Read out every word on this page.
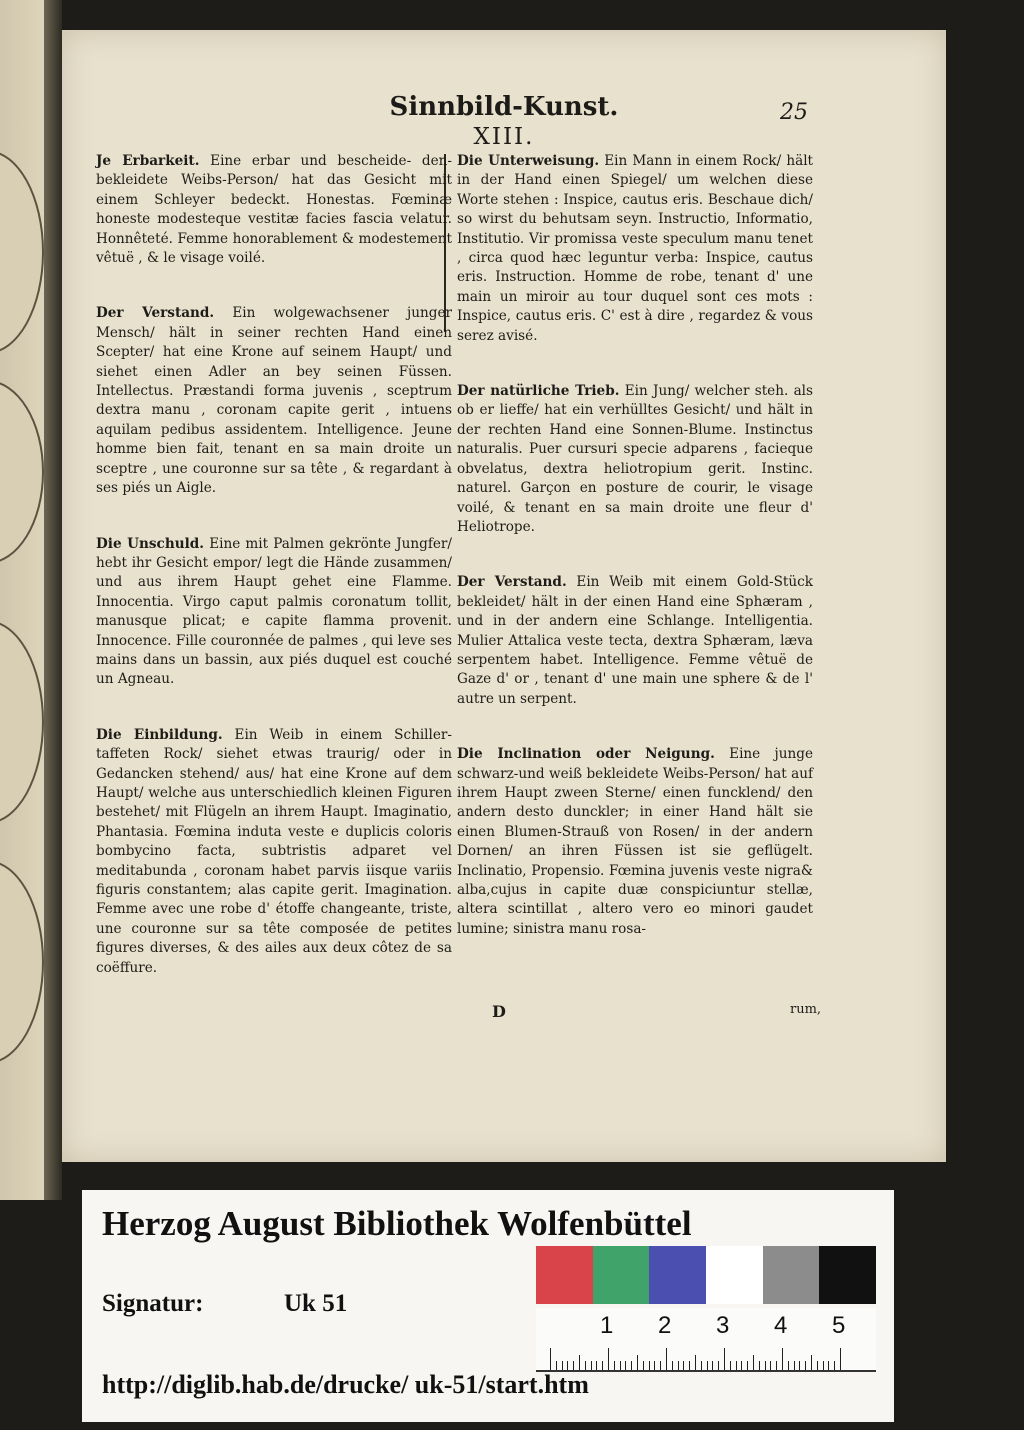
Sinnbild-Kunst.	25
XIII.

Je Erbarkeit. Eine erbar und bescheide- den-bekleidete Weibs-Person/ hat das Gesicht mit einem Schleyer bedeckt. Honestas. Fœminæ honeste modesteque vestitæ facies fascia velatur. Honnêteté. Femme honorablement & modestement vêtuë , & le visage voilé.

Der Verstand. Ein wolgewachsener junger Mensch/ hält in seiner rechten Hand einen Scepter/ hat eine Krone auf seinem Haupt/ und siehet einen Adler an bey seinen Füssen. Intellectus. Præstandi forma juvenis , sceptrum dextra manu , coronam capite gerit , intuens aquilam pedibus assidentem. Intelligence. Jeune homme bien fait, tenant en sa main droite un sceptre , une couronne sur sa tête , & regardant à ses piés un Aigle.

Die Unschuld. Eine mit Palmen gekrönte Jungfer/ hebt ihr Gesicht empor/ legt die Hände zusammen/ und aus ihrem Haupt gehet eine Flamme. Innocentia. Virgo caput palmis coronatum tollit, manusque plicat; e capite flamma provenit. Innocence. Fille couronnée de palmes , qui leve ses mains dans un bassin, aux piés duquel est couché un Agneau.

Die Einbildung. Ein Weib in einem Schiller-taffeten Rock/ siehet etwas traurig/ oder in Gedancken stehend/ aus/ hat eine Krone auf dem Haupt/ welche aus unterschiedlich kleinen Figuren bestehet/ mit Flügeln an ihrem Haupt. Imaginatio, Phantasia. Fœmina induta veste e duplicis coloris bombycino facta, subtristis adparet vel meditabunda , coronam habet parvis iisque variis figuris constantem; alas capite gerit. Imagination. Femme avec une robe d' étoffe changeante, triste, une couronne sur sa tête composée de petites figures diverses, & des ailes aux deux côtez de sa coëffure.

Die Unterweisung. Ein Mann in einem Rock/ hält in der Hand einen Spiegel/ um welchen diese Worte stehen : Inspice, cautus eris. Beschaue dich/ so wirst du behutsam seyn. Instructio, Informatio, Institutio. Vir promissa veste speculum manu tenet , circa quod hæc leguntur verba: Inspice, cautus eris. Instruction. Homme de robe, tenant d' une main un miroir au tour duquel sont ces mots : Inspice, cautus eris. C' est à dire , regardez & vous serez avisé.

Der natürliche Trieb. Ein Jung/ welcher steh. als ob er lieffe/ hat ein verhülltes Gesicht/ und hält in der rechten Hand eine Sonnen-Blume. Instinctus naturalis. Puer cursuri specie adparens , facieque obvelatus, dextra heliotropium gerit. Instinc. naturel. Garçon en posture de courir, le visage voilé, & tenant en sa main droite une fleur d' Heliotrope.

Der Verstand. Ein Weib mit einem Gold-Stück bekleidet/ hält in der einen Hand eine Sphæram , und in der andern eine Schlange. Intelligentia. Mulier Attalica veste tecta, dextra Sphæram, læva serpentem habet. Intelligence. Femme vêtuë de Gaze d' or , tenant d' une main une sphere & de l' autre un serpent.

Die Inclination oder Neigung. Eine junge schwarz-und weiß bekleidete Weibs-Person/ hat auf ihrem Haupt zween Sterne/ einen funcklend/ den andern desto dunckler; in einer Hand hält sie einen Blumen-Strauß von Rosen/ in der andern Dornen/ an ihren Füssen ist sie geflügelt. Inclinatio, Propensio. Fœmina juvenis veste nigra& alba,cujus in capite duæ conspiciuntur stellæ, altera scintillat , altero vero eo minori gaudet lumine; sinistra manu rosa-

D	rum,
Herzog August Bibliothek Wolfenbüttel
Signatur:	Uk 51
1 2 3 4 5
http://diglib.hab.de/drucke/ uk-51/start.htm
